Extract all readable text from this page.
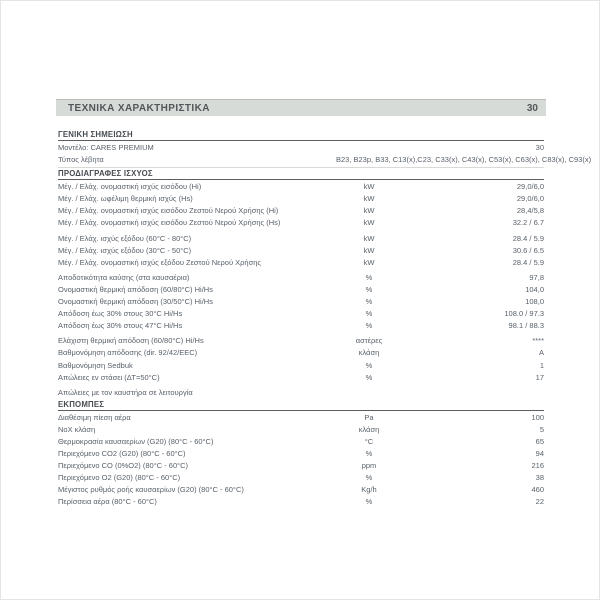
ΤΕΧΝΙΚΑ ΧΑΡΑΚΤΗΡΙΣΤΙΚΑ	30
ΓΕΝΙΚΗ ΣΗΜΕΙΩΣΗ
Μοντέλο: CARES PREMIUM	30
Τύπος λέβητα	B23, B23p, B33, C13(x),C23, C33(x), C43(x), C53(x), C63(x), C83(x), C93(x)
ΠΡΟΔΙΑΓΡΑΦΕΣ ΙΣΧΥΟΣ
Μέγ. / Ελάχ. ονομαστική ισχύς εισόδου (Hi)	kW	29,0/6,0
Μέγ. / Ελάχ. ωφέλιμη θερμική ισχύς (Hs)	kW	29,0/6,0
Μέγ. / Ελάχ. ονομαστική ισχύς εισόδου Ζεστού Νερού Χρήσης (Hi)	kW	28,4/5,8
Μέγ. / Ελάχ. ονομαστική ισχύς εισόδου Ζεστού Νερού Χρήσης (Hs)	kW	32.2 / 6.7
Μέγ. / Ελάχ. ισχύς εξόδου (60°C - 80°C)	kW	28.4 / 5.9
Μέγ. / Ελάχ. ισχύς εξόδου (30°C - 50°C)	kW	30.6 / 6.5
Μέγ. / Ελάχ. ονομαστική ισχύς εξόδου Ζεστού Νερού Χρήσης	kW	28.4 / 5.9
Αποδοτικότητα καύσης (στα καυσαέρια)	%	97,8
Ονομαστική θερμική απόδοση (60/80°C) Hi/Hs	%	104,0
Ονομαστική θερμική απόδοση (30/50°C) Hi/Hs	%	108,0
Απόδοση έως 30% στους 30°C Hi/Hs	%	108.0 / 97.3
Απόδοση έως 30% στους 47°C Hi/Hs	%	98.1 / 88.3
Ελάχιστη θερμική απόδοση (60/80°C) Hi/Hs	αστέρες	****
Βαθμονόμηση απόδοσης (dir. 92/42/EEC)	κλάση	A
Βαθμονόμηση Sedbuk	%	1
Απώλειες εν στάσει (ΔΤ=50°C)	%	17
Απώλειες με τον καυστήρα σε λειτουργία
ΕΚΠΟΜΠΕΣ
Διαθέσιμη πίεση αέρα	Pa	100
NoX κλάση	κλάση	5
Θερμοκρασία καυσαερίων (G20) (80°C - 60°C)	°C	65
Περιεχόμενο CO2 (G20) (80°C - 60°C)	%	94
Περιεχόμενο CO (0%O2) (80°C - 60°C)	ppm	216
Περιεχόμενο O2 (G20) (80°C - 60°C)	%	38
Μέγιστος ρυθμός ροής καυσαερίων (G20) (80°C - 60°C)	Kg/h	460
Περίσσεια αέρα (80°C - 60°C)	%	22
